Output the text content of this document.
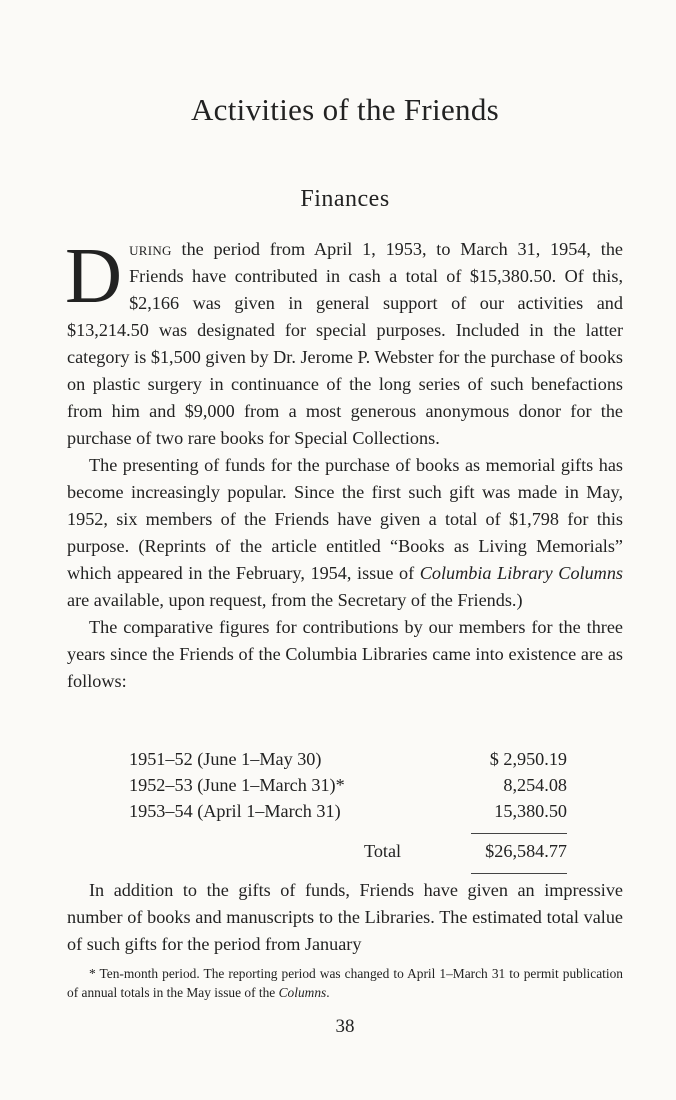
Activities of the Friends
Finances

During the period from April 1, 1953, to March 31, 1954, the Friends have contributed in cash a total of $15,380.50. Of this, $2,166 was given in general support of our activities and $13,214.50 was designated for special purposes. Included in the latter category is $1,500 given by Dr. Jerome P. Webster for the purchase of books on plastic surgery in continuance of the long series of such benefactions from him and $9,000 from a most generous anonymous donor for the purchase of two rare books for Special Collections.

The presenting of funds for the purchase of books as memorial gifts has become increasingly popular. Since the first such gift was made in May, 1952, six members of the Friends have given a total of $1,798 for this purpose. (Reprints of the article entitled “Books as Living Memorials” which appeared in the February, 1954, issue of Columbia Library Columns are available, upon request, from the Secretary of the Friends.)

The comparative figures for contributions by our members for the three years since the Friends of the Columbia Libraries came into existence are as follows:

1951–52 (June 1–May 30)	$ 2,950.19
1952–53 (June 1–March 31)*	8,254.08
1953–54 (April 1–March 31)	15,380.50
Total	$26,584.77

In addition to the gifts of funds, Friends have given an impressive number of books and manuscripts to the Libraries. The estimated total value of such gifts for the period from January

* Ten-month period. The reporting period was changed to April 1–March 31 to permit publication of annual totals in the May issue of the Columns.

38
